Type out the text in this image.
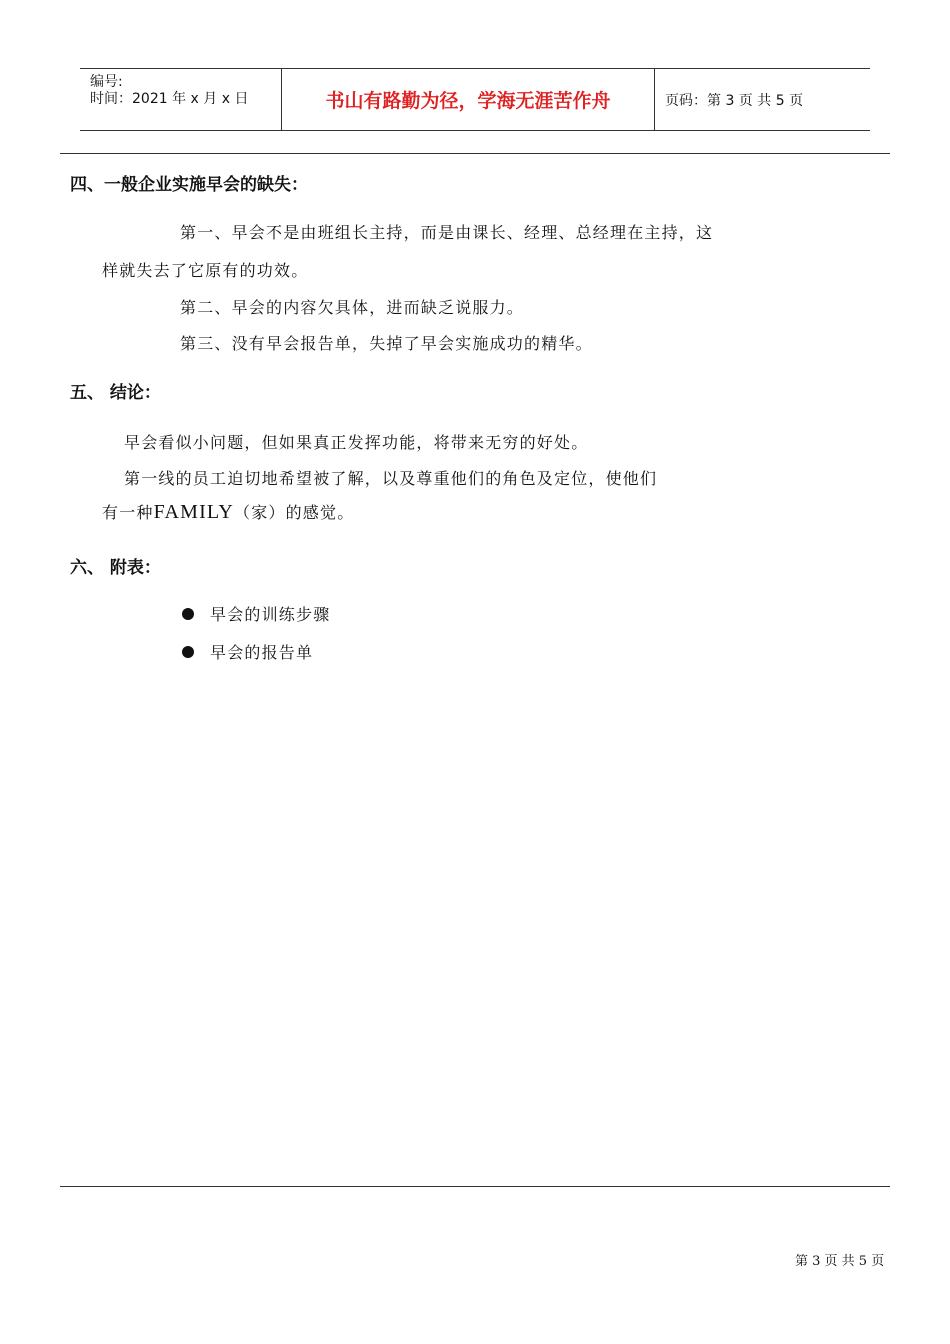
编号:
时间：2021 年 x 月 x 日	书山有路勤为径，学海无涯苦作舟	页码：第 3 页 共 5 页
四、一般企业实施早会的缺失：
第一、早会不是由班组长主持，而是由课长、经理、总经理在主持，这
样就失去了它原有的功效。
第二、早会的内容欠具体，进而缺乏说服力。
第三、没有早会报告单，失掉了早会实施成功的精华。
五、 结论：
早会看似小问题，但如果真正发挥功能，将带来无穷的好处。
第一线的员工迫切地希望被了解，以及尊重他们的角色及定位，使他们
有一种FAMILY（家）的感觉。
六、 附表：
早会的训练步骤
早会的报告单
第 3 页 共 5 页
